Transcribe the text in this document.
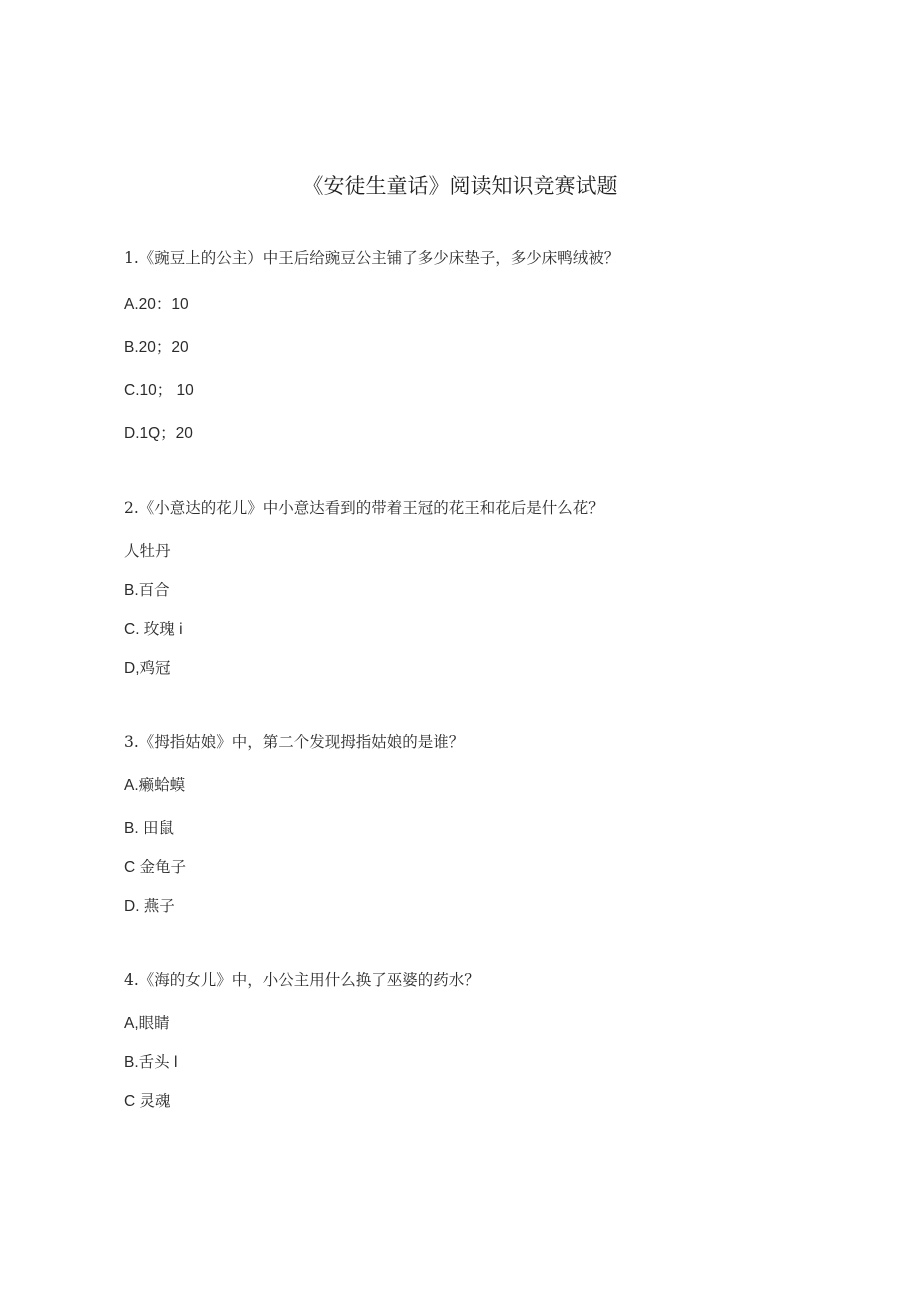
《安徒生童话》阅读知识竞赛试题
1.《豌豆上的公主）中王后给豌豆公主铺了多少床垫子，多少床鸭绒被？
A.20：10
B.20；20
C.10； 10
D.1Q；20
2.《小意达的花儿》中小意达看到的带着王冠的花王和花后是什么花？
人牡丹
B.百合
C. 玫瑰 i
D,鸡冠
3.《拇指姑娘》中，第二个发现拇指姑娘的是谁？
A.癞蛤蟆
B. 田鼠
C 金龟子
D. 燕子
4.《海的女儿》中，小公主用什么换了巫婆的药水？
A,眼睛
B.舌头 l
C 灵魂
